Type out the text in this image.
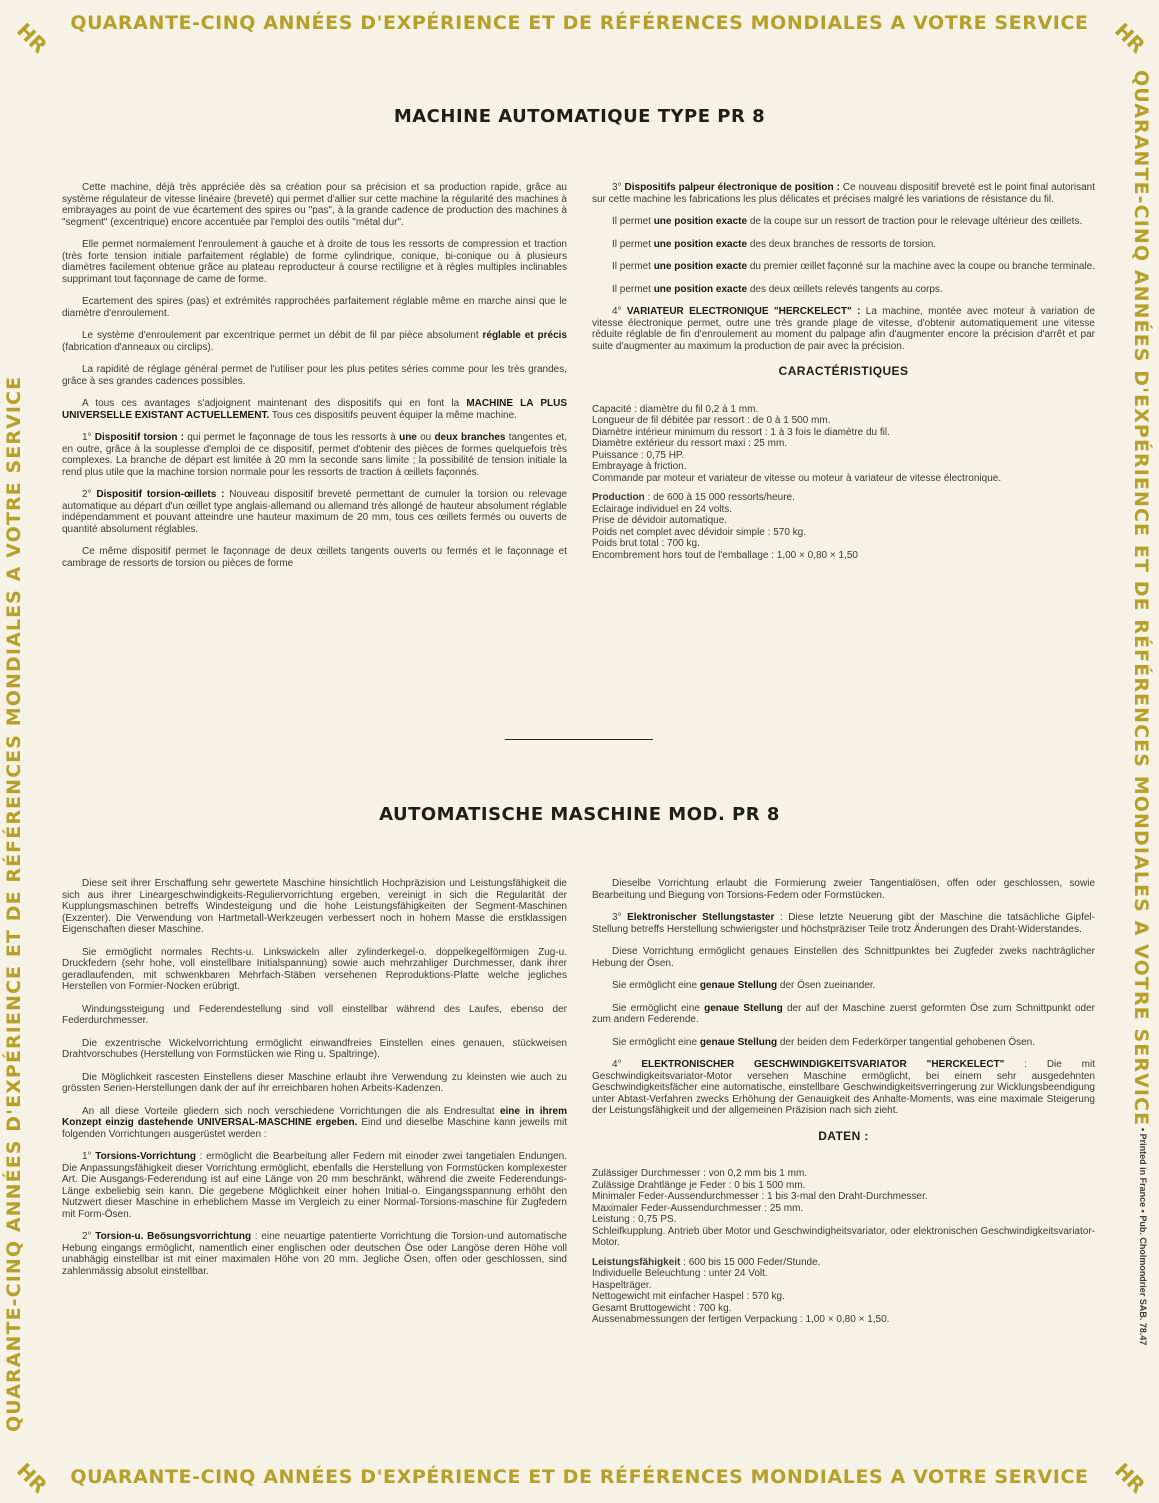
QUARANTE-CINQ ANNÉES D'EXPÉRIENCE ET DE RÉFÉRENCES MONDIALES A VOTRE SERVICE
QUARANTE-CINQ ANNÉES D'EXPÉRIENCE ET DE RÉFÉRENCES MONDIALES A VOTRE SERVICE
QUARANTE-CINQ ANNÉES D'EXPÉRIENCE ET DE RÉFÉRENCES MONDIALES A VOTRE SERVICE	QUARANTE-CINQ ANNÉES D'EXPÉRIENCE ET DE RÉFÉRENCES MONDIALES A VOTRE SERVICE
HR	HR
HR	HR
• Printed in France • Pub. Cholmondrier SAB. 78.47
MACHINE AUTOMATIQUE TYPE PR 8

Cette machine, déjà très appréciée dès sa création pour sa précision et sa production rapide, grâce au système régulateur de vitesse linéaire (breveté) qui permet d'allier sur cette machine la régularité des machines à embrayages au point de vue écartement des spires ou "pas", à la grande cadence de production des machines à "segment" (excentrique) encore accentuée par l'emploi des outils "métal dur".

Elle permet normalement l'enroulement à gauche et à droite de tous les ressorts de compression et traction (très forte tension initiale parfaitement réglable) de forme cylindrique, conique, bi-conique ou à plusieurs diamètres facilement obtenue grâce au plateau reproducteur à course rectiligne et à règles multiples inclinables supprimant tout façonnage de came de forme.

Ecartement des spires (pas) et extrémités rapprochées parfaitement réglable même en marche ainsi que le diamètre d'enroulement.

Le système d'enroulement par excentrique permet un débit de fil par pièce absolument réglable et précis (fabrication d'anneaux ou circlips).

La rapidité de réglage général permet de l'utiliser pour les plus petites séries comme pour les très grandes, grâce à ses grandes cadences possibles.

A tous ces avantages s'adjoignent maintenant des dispositifs qui en font la MACHINE LA PLUS UNIVERSELLE EXISTANT ACTUELLEMENT. Tous ces dispositifs peuvent équiper la même machine.

1° Dispositif torsion : qui permet le façonnage de tous les ressorts à une ou deux branches tangentes et, en outre, grâce à la souplesse d'emploi de ce dispositif, permet d'obtenir des pièces de formes quelquefois très complexes. La branche de départ est limitée à 20 mm la seconde sans limite ; la possibilité de tension initiale la rend plus utile que la machine torsion normale pour les ressorts de traction à œillets façonnés.

2° Dispositif torsion-œillets : Nouveau dispositif breveté permettant de cumuler la torsion ou relevage automatique au départ d'un œillet type anglais-allemand ou allemand très allongé de hauteur absolument réglable indépendamment et pouvant atteindre une hauteur maximum de 20 mm, tous ces œillets fermés ou ouverts de quantité absolument réglables.

Ce même dispositif permet le façonnage de deux œillets tangents ouverts ou fermés et le façonnage et cambrage de ressorts de torsion ou pièces de forme

3° Dispositifs palpeur électronique de position : Ce nouveau dispositif breveté est le point final autorisant sur cette machine les fabrications les plus délicates et précises malgré les variations de résistance du fil.

Il permet une position exacte de la coupe sur un ressort de traction pour le relevage ultérieur des œillets.

Il permet une position exacte des deux branches de ressorts de torsion.

Il permet une position exacte du premier œillet façonné sur la machine avec la coupe ou branche terminale.

Il permet une position exacte des deux œillets relevés tangents au corps.

4° VARIATEUR ELECTRONIQUE "HERCKELECT" : La machine, montée avec moteur à variation de vitesse électronique permet, outre une très grande plage de vitesse, d'obtenir automatiquement une vitesse réduite réglable de fin d'enroulement au moment du palpage afin d'augmenter encore la précision d'arrêt et par suite d'augmenter au maximum la production de pair avec la précision.

CARACTÉRISTIQUES
Capacité : diamètre du fil 0,2 à 1 mm.
Longueur de fil débitée par ressort : de 0 à 1 500 mm.
Diamètre intérieur minimum du ressort : 1 à 3 fois le diamètre du fil.
Diamètre extérieur du ressort maxi : 25 mm.
Puissance : 0,75 HP.
Embrayage à friction.
Commande par moteur et variateur de vitesse ou moteur à variateur de vitesse électronique.
Production : de 600 à 15 000 ressorts/heure.
Eclairage individuel en 24 volts.
Prise de dévidoir automatique.
Poids net complet avec dévidoir simple : 570 kg.
Poids brut total : 700 kg.
Encombrement hors tout de l'emballage : 1,00 × 0,80 × 1,50
AUTOMATISCHE MASCHINE MOD. PR 8

Diese seit ihrer Erschaffung sehr gewertete Maschine hinsichtlich Hochpräzision und Leistungsfähigkeit die sich aus ihrer Lineargeschwindigkeits-Reguliervorrichtung ergeben, vereinigt in sich die Regularität der Kupplungsmaschinen betreffs Windesteigung und die hohe Leistungsfähigkeiten der Segment-Maschinen (Exzenter). Die Verwendung von Hartmetall-Werkzeugen verbessert noch in hohem Masse die erstklassigen Eigenschaften dieser Maschine.

Sie ermöglicht normales Rechts-u. Linkswickeln aller zylinderkegel-o. doppelkegelförmigen Zug-u. Druckfedern (sehr hohe, voll einstellbare Initialspannung) sowie auch mehrzahliger Durchmesser, dank ihrer geradlaufenden, mit schwenkbaren Mehrfach-Stäben versehenen Reproduktions-Platte welche jegliches Herstellen von Formier-Nocken erübrigt.

Windungssteigung und Federendestellung sind voll einstellbar während des Laufes, ebenso der Federdurchmesser.

Die exzentrische Wickelvorrichtung ermöglicht einwandfreies Einstellen eines genauen, stückweisen Drahtvorschubes (Herstellung von Formstücken wie Ring u. Spaltringe).

Die Möglichkeit rascesten Einstellens dieser Maschine erlaubt ihre Verwendung zu kleinsten wie auch zu grössten Serien-Herstellungen dank der auf ihr erreichbaren hohen Arbeits-Kadenzen.

An all diese Vorteile gliedern sich noch verschiedene Vorrichtungen die als Endresultat eine in ihrem Konzept einzig dastehende UNIVERSAL-MASCHINE ergeben. Eind und dieselbe Maschine kann jeweils mit folgenden Vorrichtungen ausgerüstet werden :

1° Torsions-Vorrichtung : ermöglicht die Bearbeitung aller Federn mit einoder zwei tangetialen Endungen. Die Anpassungsfähigkeit dieser Vorrichtung ermöglicht, ebenfalls die Herstellung von Formstücken komplexester Art. Die Ausgangs-Federendung ist auf eine Länge von 20 mm beschränkt, während die zweite Federendungs-Länge exbeliebig sein kann. Die gegebene Möglichkeit einer hohen Initial-o. Eingangsspannung erhöht den Nutzwert dieser Maschine in erheblichem Masse im Vergleich zu einer Normal-Torsions-maschine für Zugfedern mit Form-Ösen.

2° Torsion-u. Beösungsvorrichtung : eine neuartige patentierte Vorrichtung die Torsion-und automatische Hebung eingangs ermöglicht, namentlich einer englischen oder deutschen Öse oder Langöse deren Höhe voll unabhägig einstellbar ist mit einer maximalen Höhe von 20 mm. Jegliche Ösen, offen oder geschlossen, sind zahlenmässig absolut einstellbar.

Dieselbe Vorrichtung erlaubt die Formierung zweier Tangentialösen, offen oder geschlossen, sowie Bearbeitung und Biegung von Torsions-Federn oder Formstücken.

3° Elektronischer Stellungstaster : Diese letzte Neuerung gibt der Maschine die tatsächliche Gipfel-Stellung betreffs Herstellung schwierigster und höchstpräziser Teile trotz Änderungen des Draht-Widerstandes.

Diese Vorrichtung ermöglicht genaues Einstellen des Schnittpunktes bei Zugfeder zweks nachträglicher Hebung der Ösen.

Sie ermöglicht eine genaue Stellung der Ösen zueinander.

Sie ermöglicht eine genaue Stellung der auf der Maschine zuerst geformten Öse zum Schnittpunkt oder zum andern Federende.

Sie ermöglicht eine genaue Stellung der beiden dem Federkörper tangential gehobenen Ösen.

4° ELEKTRONISCHER GESCHWINDIGKEITSVARIATOR "HERCKELECT" : Die mit Geschwindigkeitsvariator-Motor versehen Maschine ermöglicht, bei einem sehr ausgedehnten Geschwindigkeitsfächer eine automatische, einstellbare Geschwindigkeitsverringerung zur Wicklungsbeendigung unter Abtast-Verfahren zwecks Erhöhung der Genauigkeit des Anhalte-Moments, was eine maximale Steigerung der Leistungsfähigkeit und der allgemeinen Präzision nach sich zieht.

DATEN :
Zulässiger Durchmesser : von 0,2 mm bis 1 mm.
Zulässige Drahtlänge je Feder : 0 bis 1 500 mm.
Minimaler Feder-Aussendurchmesser : 1 bis 3-mal den Draht-Durchmesser.
Maximaler Feder-Aussendurchmesser : 25 mm.
Leistung : 0,75 PS.
Schleifkupplung. Antrieb über Motor und Geschwindigheitsvariator, oder elektronischen Geschwindigkeitsvariator-Motor.
Leistungsfähigkeit : 600 bis 15 000 Feder/Stunde.
Individuelle Beleuchtung : unter 24 Volt.
Haspelträger.
Nettogewicht mit einfacher Haspel : 570 kg.
Gesamt Bruttogewicht : 700 kg.
Aussenabmessungen der fertigen Verpackung : 1,00 × 0,80 × 1,50.
